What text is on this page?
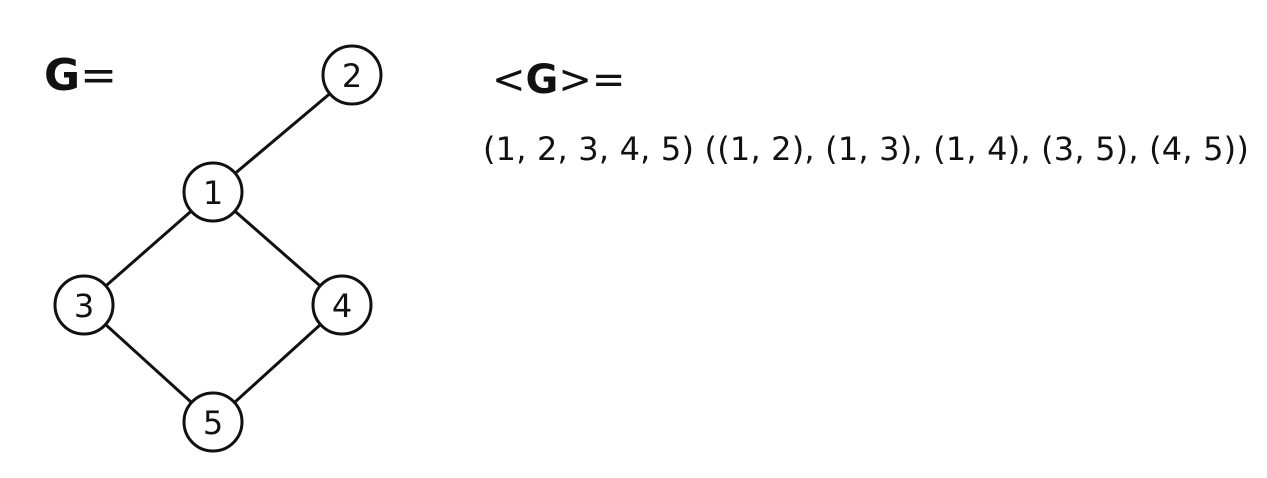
1
2
3	4
5
G=	<G>=
(1, 2, 3, 4, 5) ((1, 2), (1, 3), (1, 4), (3, 5), (4, 5))
